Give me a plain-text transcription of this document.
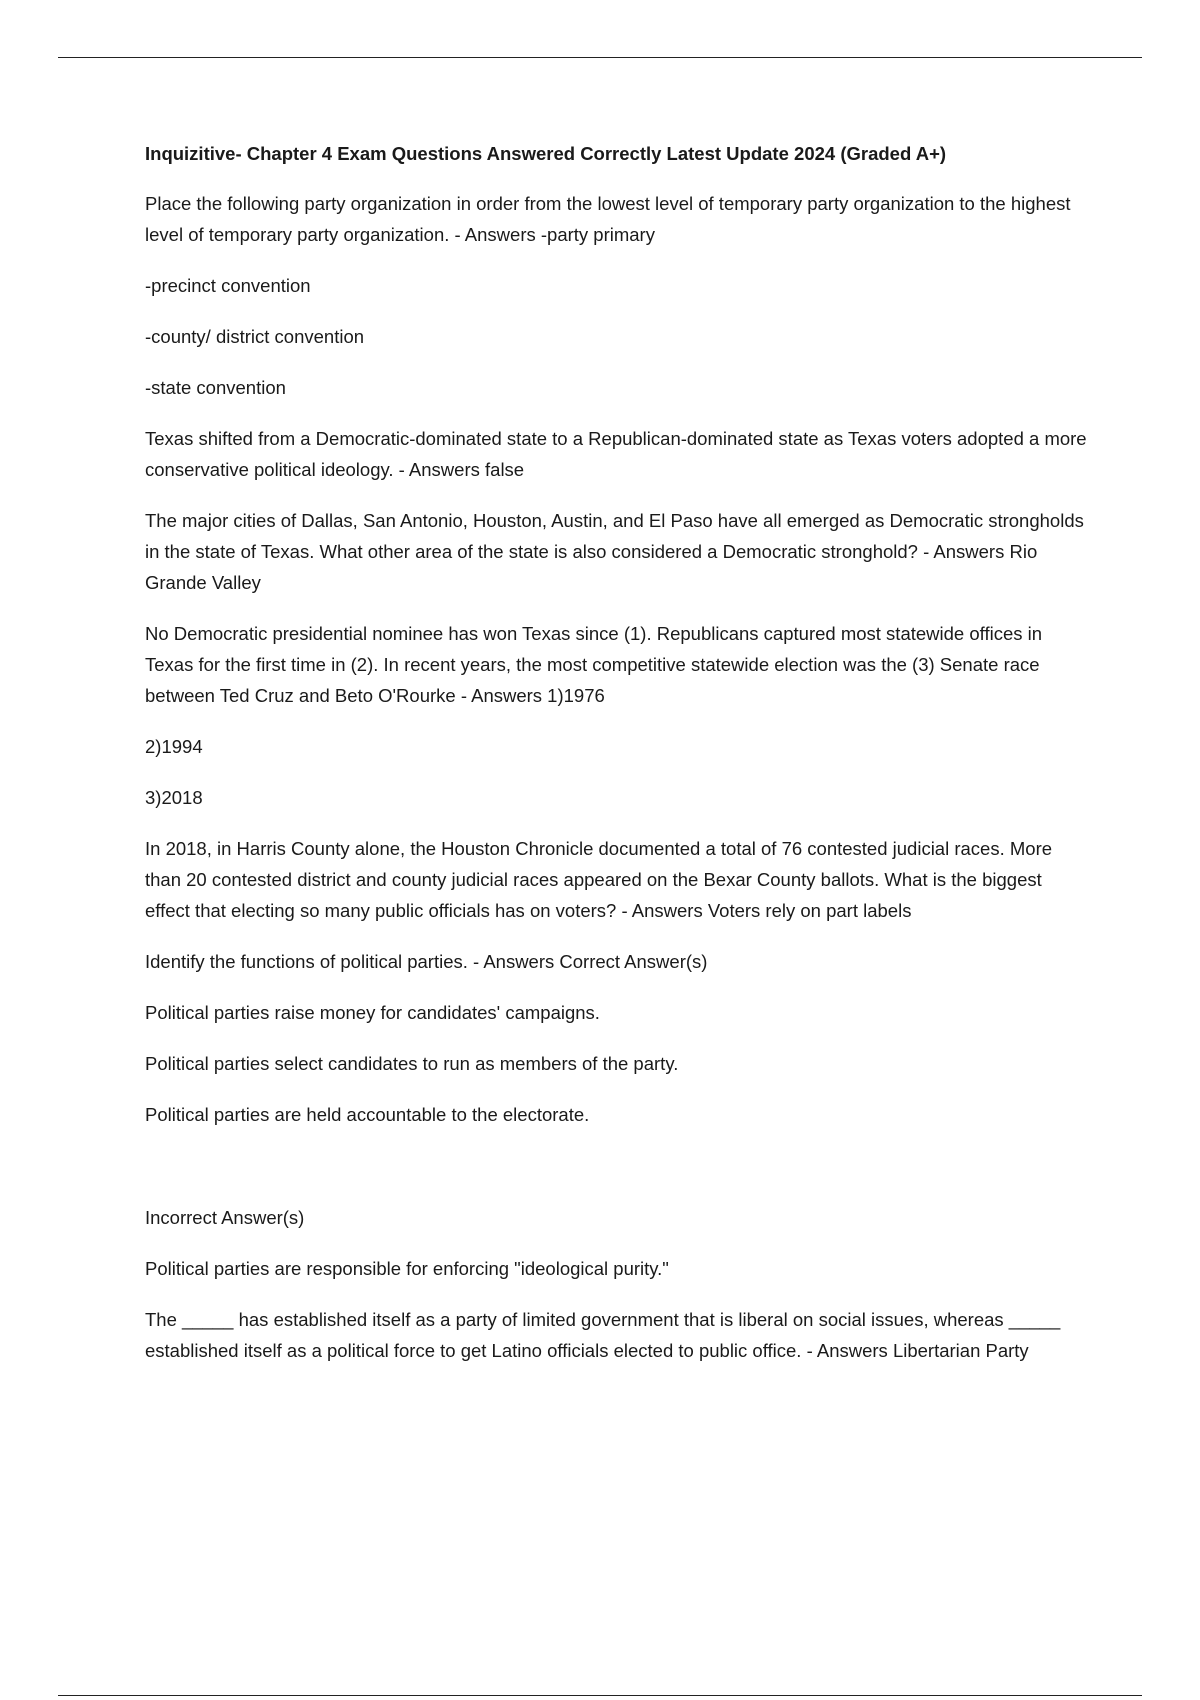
Inquizitive- Chapter 4 Exam Questions Answered Correctly Latest Update 2024 (Graded A+)
Place the following party organization in order from the lowest level of temporary party organization to the highest level of temporary party organization. - Answers -party primary
-precinct convention
-county/ district convention
-state convention
Texas shifted from a Democratic-dominated state to a Republican-dominated state as Texas voters adopted a more conservative political ideology. - Answers false
The major cities of Dallas, San Antonio, Houston, Austin, and El Paso have all emerged as Democratic strongholds in the state of Texas. What other area of the state is also considered a Democratic stronghold? - Answers Rio Grande Valley
No Democratic presidential nominee has won Texas since (1). Republicans captured most statewide offices in Texas for the first time in (2). In recent years, the most competitive statewide election was the (3) Senate race between Ted Cruz and Beto O'Rourke - Answers 1)1976
2)1994
3)2018
In 2018, in Harris County alone, the Houston Chronicle documented a total of 76 contested judicial races. More than 20 contested district and county judicial races appeared on the Bexar County ballots. What is the biggest effect that electing so many public officials has on voters? - Answers Voters rely on part labels
Identify the functions of political parties. - Answers Correct Answer(s)
Political parties raise money for candidates' campaigns.
Political parties select candidates to run as members of the party.
Political parties are held accountable to the electorate.
Incorrect Answer(s)
Political parties are responsible for enforcing "ideological purity."
The _____ has established itself as a party of limited government that is liberal on social issues, whereas _____ established itself as a political force to get Latino officials elected to public office. - Answers Libertarian Party
